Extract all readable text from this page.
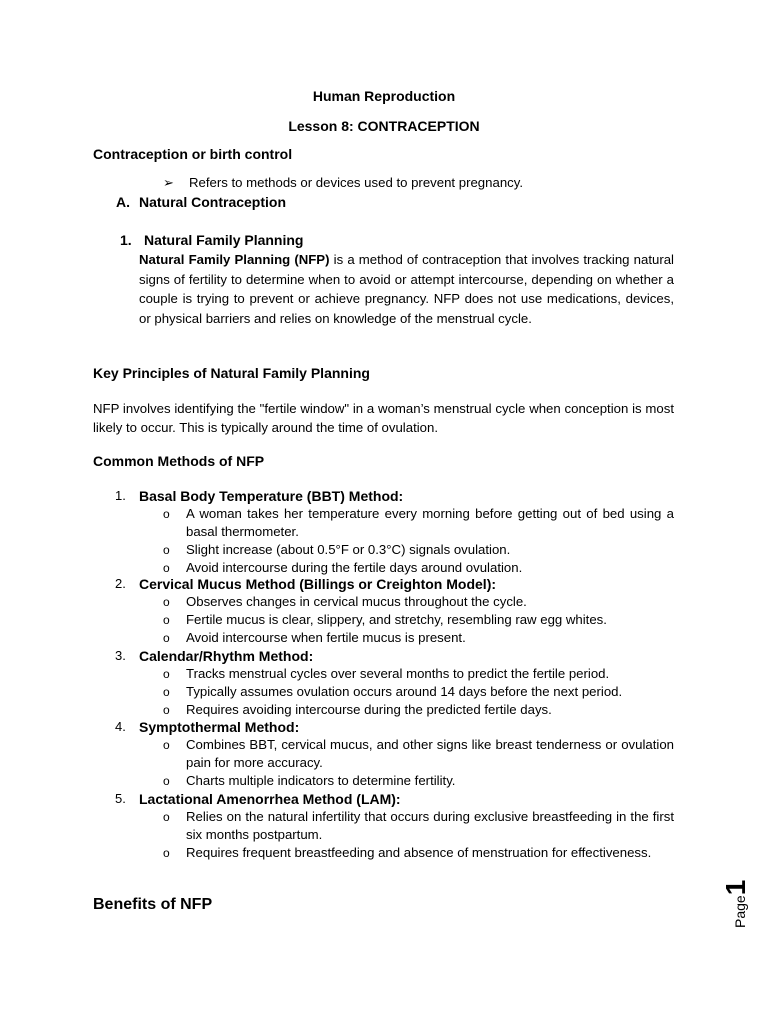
Human Reproduction
Lesson 8: CONTRACEPTION
Contraception or birth control
➢ Refers to methods or devices used to prevent pregnancy.
A. Natural Contraception
1. Natural Family Planning
Natural Family Planning (NFP) is a method of contraception that involves tracking natural signs of fertility to determine when to avoid or attempt intercourse, depending on whether a couple is trying to prevent or achieve pregnancy. NFP does not use medications, devices, or physical barriers and relies on knowledge of the menstrual cycle.
Key Principles of Natural Family Planning
NFP involves identifying the "fertile window" in a woman’s menstrual cycle when conception is most likely to occur. This is typically around the time of ovulation.
Common Methods of NFP
1. Basal Body Temperature (BBT) Method:
o A woman takes her temperature every morning before getting out of bed using a basal thermometer.
o Slight increase (about 0.5°F or 0.3°C) signals ovulation.
o Avoid intercourse during the fertile days around ovulation.
2. Cervical Mucus Method (Billings or Creighton Model):
o Observes changes in cervical mucus throughout the cycle.
o Fertile mucus is clear, slippery, and stretchy, resembling raw egg whites.
o Avoid intercourse when fertile mucus is present.
3. Calendar/Rhythm Method:
o Tracks menstrual cycles over several months to predict the fertile period.
o Typically assumes ovulation occurs around 14 days before the next period.
o Requires avoiding intercourse during the predicted fertile days.
4. Symptothermal Method:
o Combines BBT, cervical mucus, and other signs like breast tenderness or ovulation pain for more accuracy.
o Charts multiple indicators to determine fertility.
5. Lactational Amenorrhea Method (LAM):
o Relies on the natural infertility that occurs during exclusive breastfeeding in the first six months postpartum.
o Requires frequent breastfeeding and absence of menstruation for effectiveness.
Benefits of NFP	Page1
